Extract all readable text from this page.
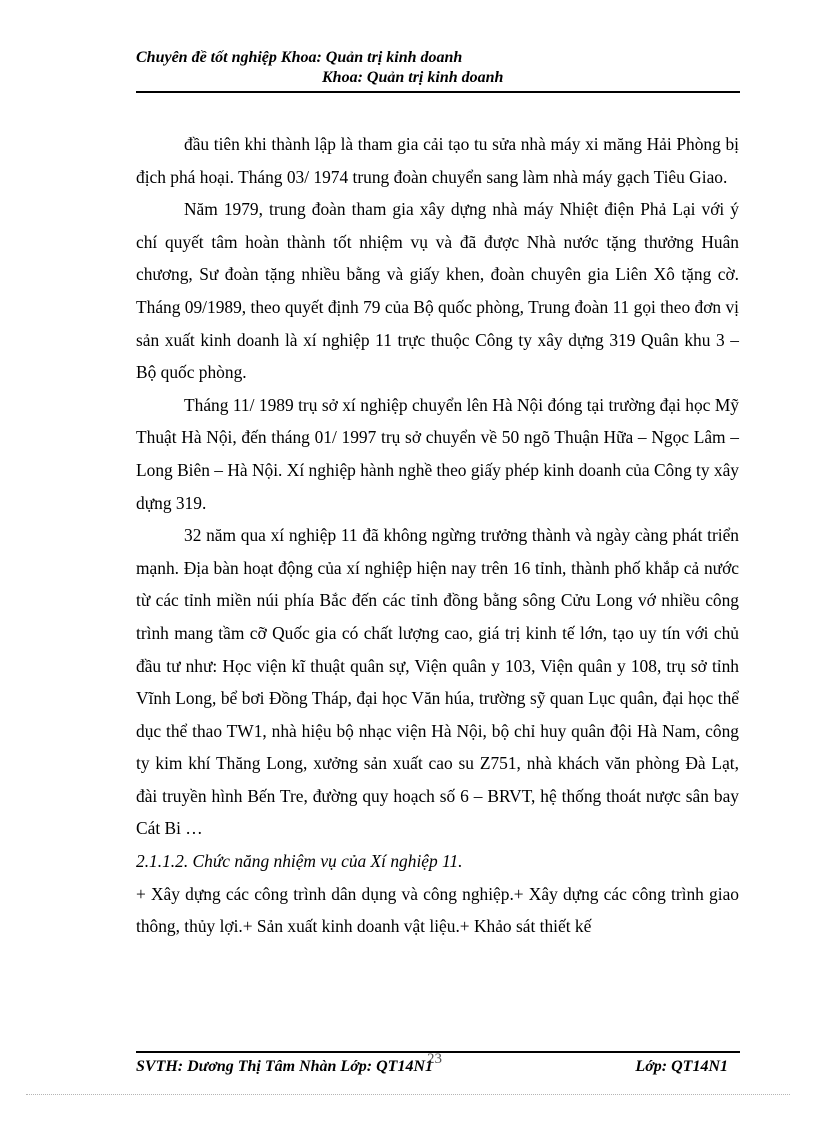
Chuyên đề tốt nghiệp Khoa: Quản trị kinh doanh
Khoa: Quản trị kinh doanh

đầu tiên khi thành lập là tham gia cải tạo tu sửa nhà máy xi măng Hải Phòng bị địch phá hoại. Tháng 03/ 1974 trung đoàn chuyển sang làm nhà máy gạch Tiêu Giao.

Năm 1979, trung đoàn tham gia xây dựng nhà máy Nhiệt điện Phả Lại với ý chí quyết tâm hoàn thành tốt nhiệm vụ và đã được Nhà nước tặng thưởng Huân chương, Sư đoàn tặng nhiều bằng và giấy khen, đoàn chuyên gia Liên Xô tặng cờ. Tháng 09/1989, theo quyết định 79 của Bộ quốc phòng, Trung đoàn 11 gọi theo đơn vị sản xuất kinh doanh là xí nghiệp 11 trực thuộc Công ty xây dựng 319 Quân khu 3 – Bộ quốc phòng.

Tháng 11/ 1989 trụ sở xí nghiệp chuyển lên Hà Nội đóng tại trường đại học Mỹ Thuật Hà Nội, đến tháng 01/ 1997 trụ sở chuyển về 50 ngõ Thuận Hữa – Ngọc Lâm – Long Biên – Hà Nội. Xí nghiệp hành nghề theo giấy phép kinh doanh của Công ty xây dựng 319.

32 năm qua xí nghiệp 11 đã không ngừng trưởng thành và ngày càng phát triển mạnh. Địa bàn hoạt động của xí nghiệp hiện nay trên 16 tỉnh, thành phố khắp cả nước từ các tỉnh miền núi phía Bắc đến các tỉnh đồng bằng sông Cửu Long vớ nhiều công trình mang tầm cỡ Quốc gia có chất lượng cao, giá trị kinh tế lớn, tạo uy tín với chủ đầu tư như: Học viện kĩ thuật quân sự, Viện quân y 103, Viện quân y 108, trụ sở tỉnh Vĩnh Long, bể bơi Đồng Tháp, đại học Văn húa, trường sỹ quan Lục quân, đại học thể dục thể thao TW1, nhà hiệu bộ nhạc viện Hà Nội, bộ chỉ huy quân đội Hà Nam, công ty kim khí Thăng Long, xưởng sản xuất cao su Z751, nhà khách văn phòng Đà Lạt, đài truyền hình Bến Tre, đường quy hoạch số 6 – BRVT, hệ thống thoát nược sân bay Cát Bi …

2.1.1.2. Chức năng nhiệm vụ của Xí nghiệp 11.

+ Xây dựng các công trình dân dụng và công nghiệp.+ Xây dựng các công trình giao thông, thủy lợi.+ Sản xuất kinh doanh vật liệu.+ Khảo sát thiết kế

SVTH: Dương Thị Tâm Nhàn Lớp: QT14N1
23	Lớp: QT14N1
